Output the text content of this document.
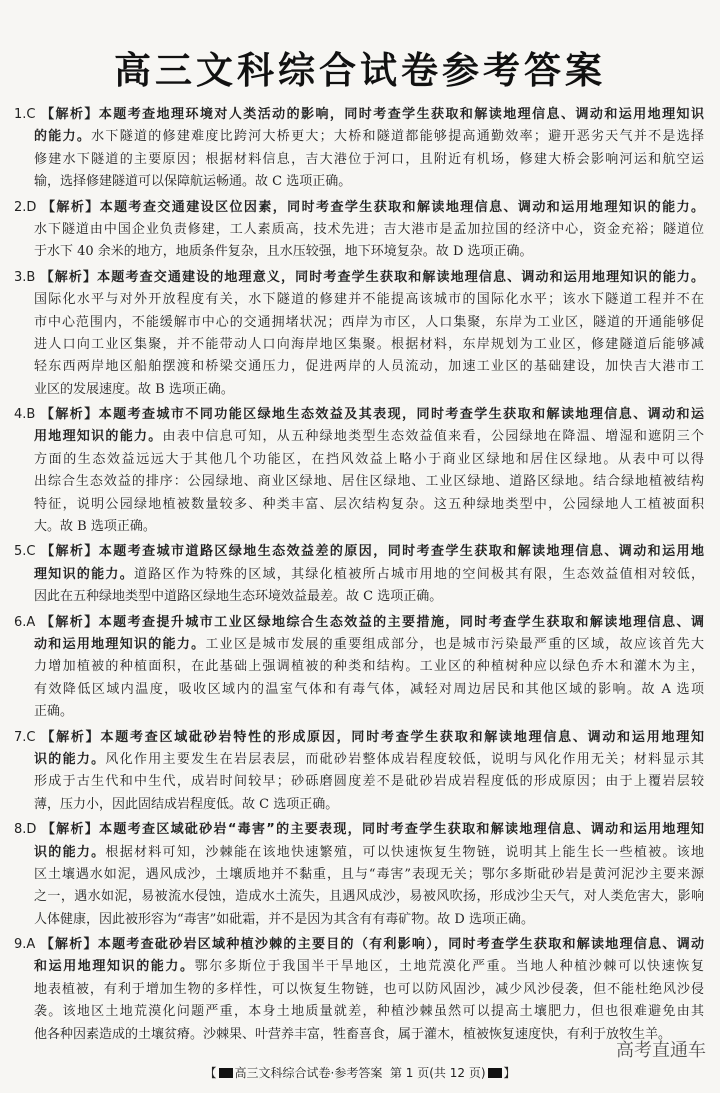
高三文科综合试卷参考答案
1.C 【解析】本题考查地理环境对人类活动的影响，同时考查学生获取和解读地理信息、调动和运用地理知识
的能力。水下隧道的修建难度比跨河大桥更大；大桥和隧道都能够提高通勤效率；避开恶劣天气并不是选择
修建水下隧道的主要原因；根据材料信息，吉大港位于河口，且附近有机场，修建大桥会影响河运和航空运
输，选择修建隧道可以保障航运畅通。故 C 选项正确。
2.D 【解析】本题考查交通建设区位因素，同时考查学生获取和解读地理信息、调动和运用地理知识的能力。
水下隧道由中国企业负责修建，工人素质高，技术先进；吉大港市是孟加拉国的经济中心，资金充裕；隧道位
于水下 40 余米的地方，地质条件复杂，且水压较强，地下环境复杂。故 D 选项正确。
3.B 【解析】本题考查交通建设的地理意义，同时考查学生获取和解读地理信息、调动和运用地理知识的能力。
国际化水平与对外开放程度有关，水下隧道的修建并不能提高该城市的国际化水平；该水下隧道工程并不在
市中心范围内，不能缓解市中心的交通拥堵状况；西岸为市区，人口集聚，东岸为工业区，隧道的开通能够促
进人口向工业区集聚，并不能带动人口向海岸地区集聚。根据材料，东岸规划为工业区，修建隧道后能够减
轻东西两岸地区船舶摆渡和桥梁交通压力，促进两岸的人员流动，加速工业区的基础建设，加快吉大港市工
业区的发展速度。故 B 选项正确。
4.B 【解析】本题考查城市不同功能区绿地生态效益及其表现，同时考查学生获取和解读地理信息、调动和运
用地理知识的能力。由表中信息可知，从五种绿地类型生态效益值来看，公园绿地在降温、增湿和遮阴三个
方面的生态效益远远大于其他几个功能区，在挡风效益上略小于商业区绿地和居住区绿地。从表中可以得
出综合生态效益的排序：公园绿地、商业区绿地、居住区绿地、工业区绿地、道路区绿地。结合绿地植被结构
特征，说明公园绿地植被数量较多、种类丰富、层次结构复杂。这五种绿地类型中，公园绿地人工植被面积
大。故 B 选项正确。
5.C 【解析】本题考查城市道路区绿地生态效益差的原因，同时考查学生获取和解读地理信息、调动和运用地
理知识的能力。道路区作为特殊的区域，其绿化植被所占城市用地的空间极其有限，生态效益值相对较低，
因此在五种绿地类型中道路区绿地生态环境效益最差。故 C 选项正确。
6.A 【解析】本题考查提升城市工业区绿地综合生态效益的主要措施，同时考查学生获取和解读地理信息、调
动和运用地理知识的能力。工业区是城市发展的重要组成部分，也是城市污染最严重的区域，故应该首先大
力增加植被的种植面积，在此基础上强调植被的种类和结构。工业区的种植树种应以绿色乔木和灌木为主，
有效降低区域内温度，吸收区域内的温室气体和有毒气体，减轻对周边居民和其他区域的影响。故 A 选项
正确。
7.C 【解析】本题考查区域砒砂岩特性的形成原因，同时考查学生获取和解读地理信息、调动和运用地理知
识的能力。风化作用主要发生在岩层表层，而砒砂岩整体成岩程度较低，说明与风化作用无关；材料显示其
形成于古生代和中生代，成岩时间较早；砂砾磨圆度差不是砒砂岩成岩程度低的形成原因；由于上覆岩层较
薄，压力小，因此固结成岩程度低。故 C 选项正确。
8.D 【解析】本题考查区域砒砂岩“毒害”的主要表现，同时考查学生获取和解读地理信息、调动和运用地理知
识的能力。根据材料可知，沙棘能在该地快速繁殖，可以快速恢复生物链，说明其上能生长一些植被。该地
区土壤遇水如泥，遇风成沙，土壤质地并不黏重，且与“毒害”表现无关；鄂尔多斯砒砂岩是黄河泥沙主要来源
之一，遇水如泥，易被流水侵蚀，造成水土流失，且遇风成沙，易被风吹扬，形成沙尘天气，对人类危害大，影响
人体健康，因此被形容为“毒害”如砒霜，并不是因为其含有有毒矿物。故 D 选项正确。
9.A 【解析】本题考查砒砂岩区域种植沙棘的主要目的（有利影响），同时考查学生获取和解读地理信息、调动
和运用地理知识的能力。鄂尔多斯位于我国半干旱地区，土地荒漠化严重。当地人种植沙棘可以快速恢复
地表植被，有利于增加生物的多样性，可以恢复生物链，也可以防风固沙，减少风沙侵袭，但不能杜绝风沙侵
袭。该地区土地荒漠化问题严重，本身土地质量就差，种植沙棘虽然可以提高土壤肥力，但也很难避免由其
他各种因素造成的土壤贫瘠。沙棘果、叶营养丰富，牲畜喜食，属于灌木，植被恢复速度快，有利于放牧生羊。
【 高三文科综合试卷·参考答案 第 1 页(共 12 页) 】
高考直通车
